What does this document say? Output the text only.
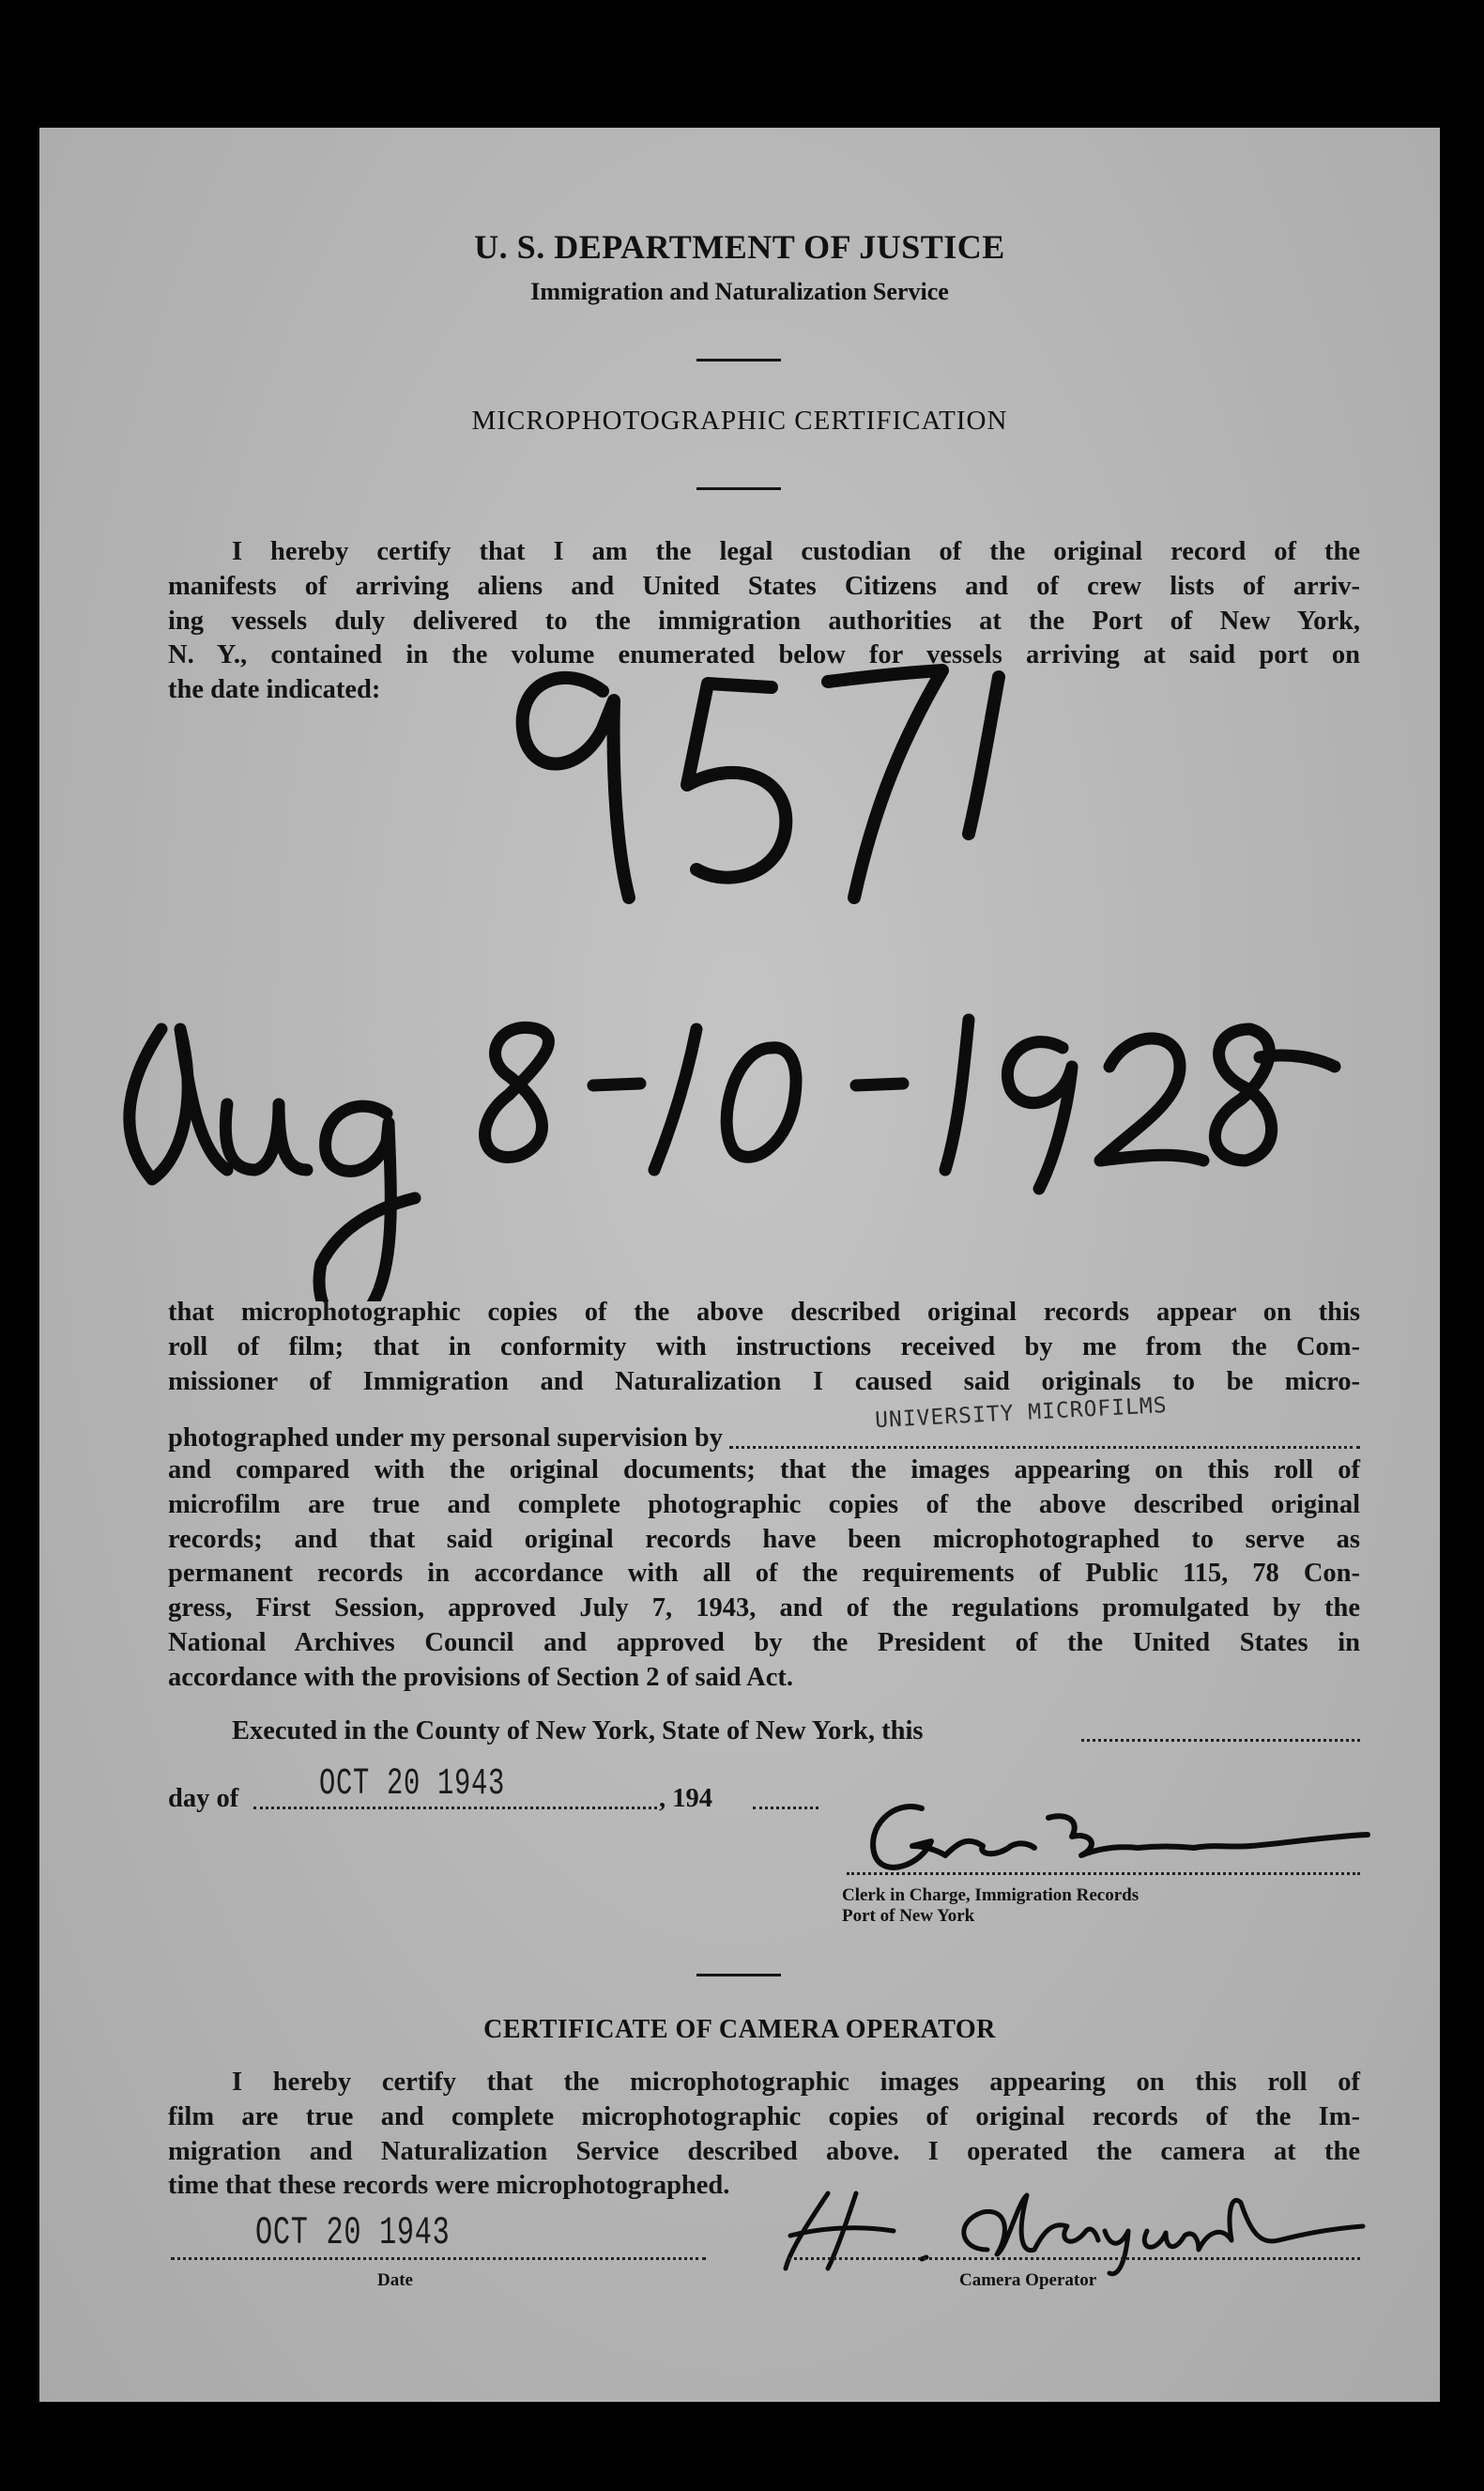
U. S. DEPARTMENT OF JUSTICE
Immigration and Naturalization Service
MICROPHOTOGRAPHIC CERTIFICATION
I hereby certify that I am the legal custodian of the original record of the
manifests of arriving aliens and United States Citizens and of crew lists of arriv-
ing vessels duly delivered to the immigration authorities at the Port of New York,
N. Y., contained in the volume enumerated below for vessels arriving at said port on
the date indicated:
that microphotographic copies of the above described original records appear on this
roll of film; that in conformity with instructions received by me from the Com-
missioner of Immigration and Naturalization I caused said originals to be micro-
photographed under my personal supervision by
UNIVERSITY MICROFILMS
and compared with the original documents; that the images appearing on this roll of
microfilm are true and complete photographic copies of the above described original
records; and that said original records have been microphotographed to serve as
permanent records in accordance with all of the requirements of Public 115, 78 Con-
gress, First Session, approved July 7, 1943, and of the regulations promulgated by the
National Archives Council and approved by the President of the United States in
accordance with the provisions of Section 2 of said Act.
Executed in the County of New York, State of New York, this
day of OCT 20 1943	, 194
Clerk in Charge, Immigration Records
Port of New York
CERTIFICATE OF CAMERA OPERATOR
I hereby certify that the microphotographic images appearing on this roll of
film are true and complete microphotographic copies of original records of the Im-
migration and Naturalization Service described above. I operated the camera at the
time that these records were microphotographed.
OCT 20 1943
Date	Camera Operator
